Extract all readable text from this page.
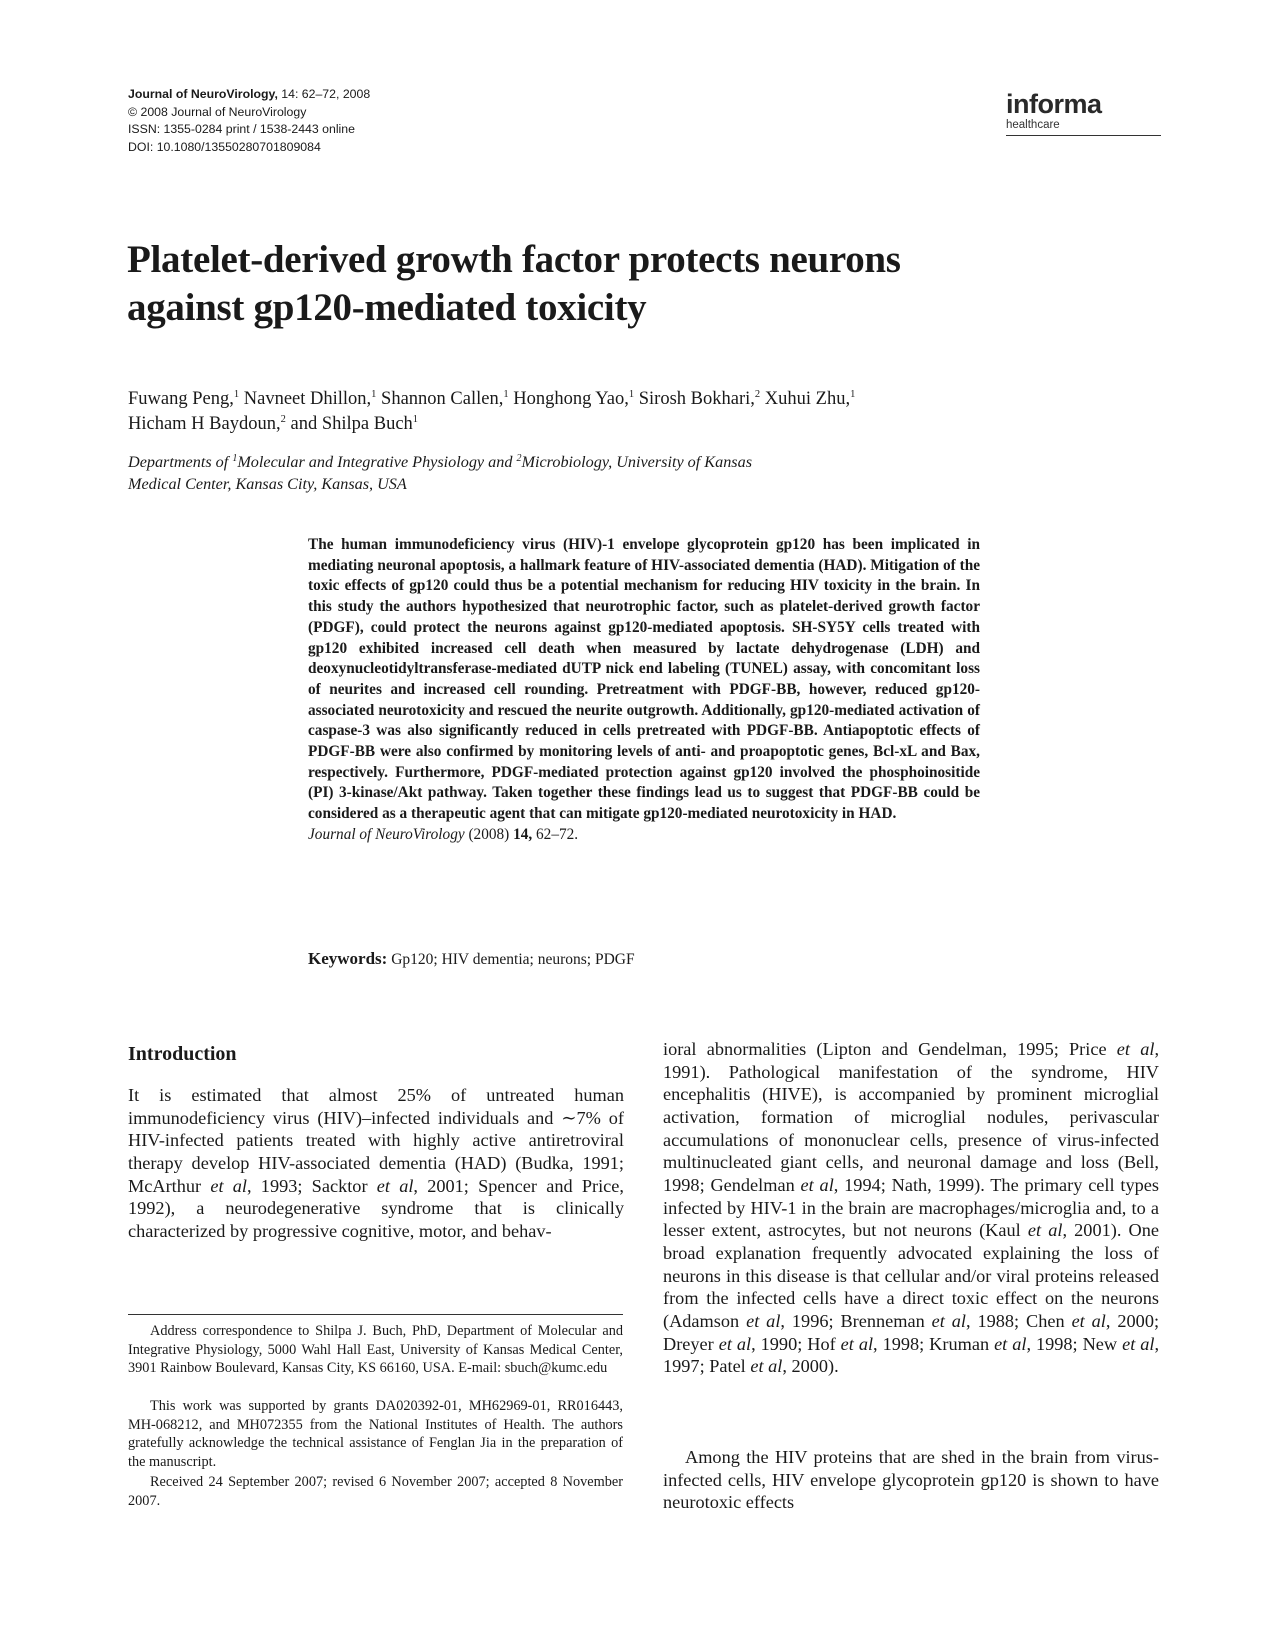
Journal of NeuroVirology, 14: 62–72, 2008
© 2008 Journal of NeuroVirology
ISSN: 1355-0284 print / 1538-2443 online
DOI: 10.1080/13550280701809084
informa
healthcare
Platelet-derived growth factor protects neurons
against gp120-mediated toxicity
Fuwang Peng,$^1$ Navneet Dhillon,$^1$ Shannon Callen,$^1$ Honghong Yao,$^1$ Sirosh Bokhari,$^2$ Xuhui Zhu,$^1$
Hicham H Baydoun,$^2$ and Shilpa Buch$^1$
Departments of $^1$Molecular and Integrative Physiology and $^2$Microbiology, University of Kansas
Medical Center, Kansas City, Kansas, USA
The human immunodeficiency virus (HIV)-1 envelope glycoprotein gp120 has been implicated in mediating neuronal apoptosis, a hallmark feature of HIV-associated dementia (HAD). Mitigation of the toxic effects of gp120 could thus be a potential mechanism for reducing HIV toxicity in the brain. In this study the authors hypothesized that neurotrophic factor, such as platelet-derived growth factor (PDGF), could protect the neurons against gp120-mediated apoptosis. SH-SY5Y cells treated with gp120 exhibited increased cell death when measured by lactate dehydrogenase (LDH) and deoxynucleotidyltransferase-mediated dUTP nick end labeling (TUNEL) assay, with concomitant loss of neurites and increased cell rounding. Pretreatment with PDGF-BB, however, reduced gp120-associated neurotoxicity and rescued the neurite outgrowth. Additionally, gp120-mediated activation of caspase-3 was also significantly reduced in cells pretreated with PDGF-BB. Antiapoptotic effects of PDGF-BB were also confirmed by monitoring levels of anti- and proapoptotic genes, Bcl-xL and Bax, respectively. Furthermore, PDGF-mediated protection against gp120 involved the phosphoinositide (PI) 3-kinase/Akt pathway. Taken together these findings lead us to suggest that PDGF-BB could be considered as a therapeutic agent that can mitigate gp120-mediated neurotoxicity in HAD.
Journal of NeuroVirology (2008) 14, 62–72.
Keywords: Gp120; HIV dementia; neurons; PDGF
Introduction

It is estimated that almost 25% of untreated human immunodeficiency virus (HIV)–infected individuals and ∼7% of HIV-infected patients treated with highly active antiretroviral therapy develop HIV-associated dementia (HAD) (Budka, 1991; McArthur et al, 1993; Sacktor et al, 2001; Spencer and Price, 1992), a neurodegenerative syndrome that is clinically characterized by progressive cognitive, motor, and behav-

ioral abnormalities (Lipton and Gendelman, 1995; Price et al, 1991). Pathological manifestation of the syndrome, HIV encephalitis (HIVE), is accompanied by prominent microglial activation, formation of microglial nodules, perivascular accumulations of mononuclear cells, presence of virus-infected multinucleated giant cells, and neuronal damage and loss (Bell, 1998; Gendelman et al, 1994; Nath, 1999). The primary cell types infected by HIV-1 in the brain are macrophages/microglia and, to a lesser extent, astrocytes, but not neurons (Kaul et al, 2001). One broad explanation frequently advocated explaining the loss of neurons in this disease is that cellular and/or viral proteins released from the infected cells have a direct toxic effect on the neurons (Adamson et al, 1996; Brenneman et al, 1988; Chen et al, 2000; Dreyer et al, 1990; Hof et al, 1998; Kruman et al, 1998; New et al, 1997; Patel et al, 2000).

Among the HIV proteins that are shed in the brain from virus-infected cells, HIV envelope glycoprotein gp120 is shown to have neurotoxic effects

Address correspondence to Shilpa J. Buch, PhD, Department of Molecular and Integrative Physiology, 5000 Wahl Hall East, University of Kansas Medical Center, 3901 Rainbow Boulevard, Kansas City, KS 66160, USA. E-mail: sbuch@kumc.edu

This work was supported by grants DA020392-01, MH62969-01, RR016443, MH-068212, and MH072355 from the National Institutes of Health. The authors gratefully acknowledge the technical assistance of Fenglan Jia in the preparation of the manuscript.

Received 24 September 2007; revised 6 November 2007; accepted 8 November 2007.
